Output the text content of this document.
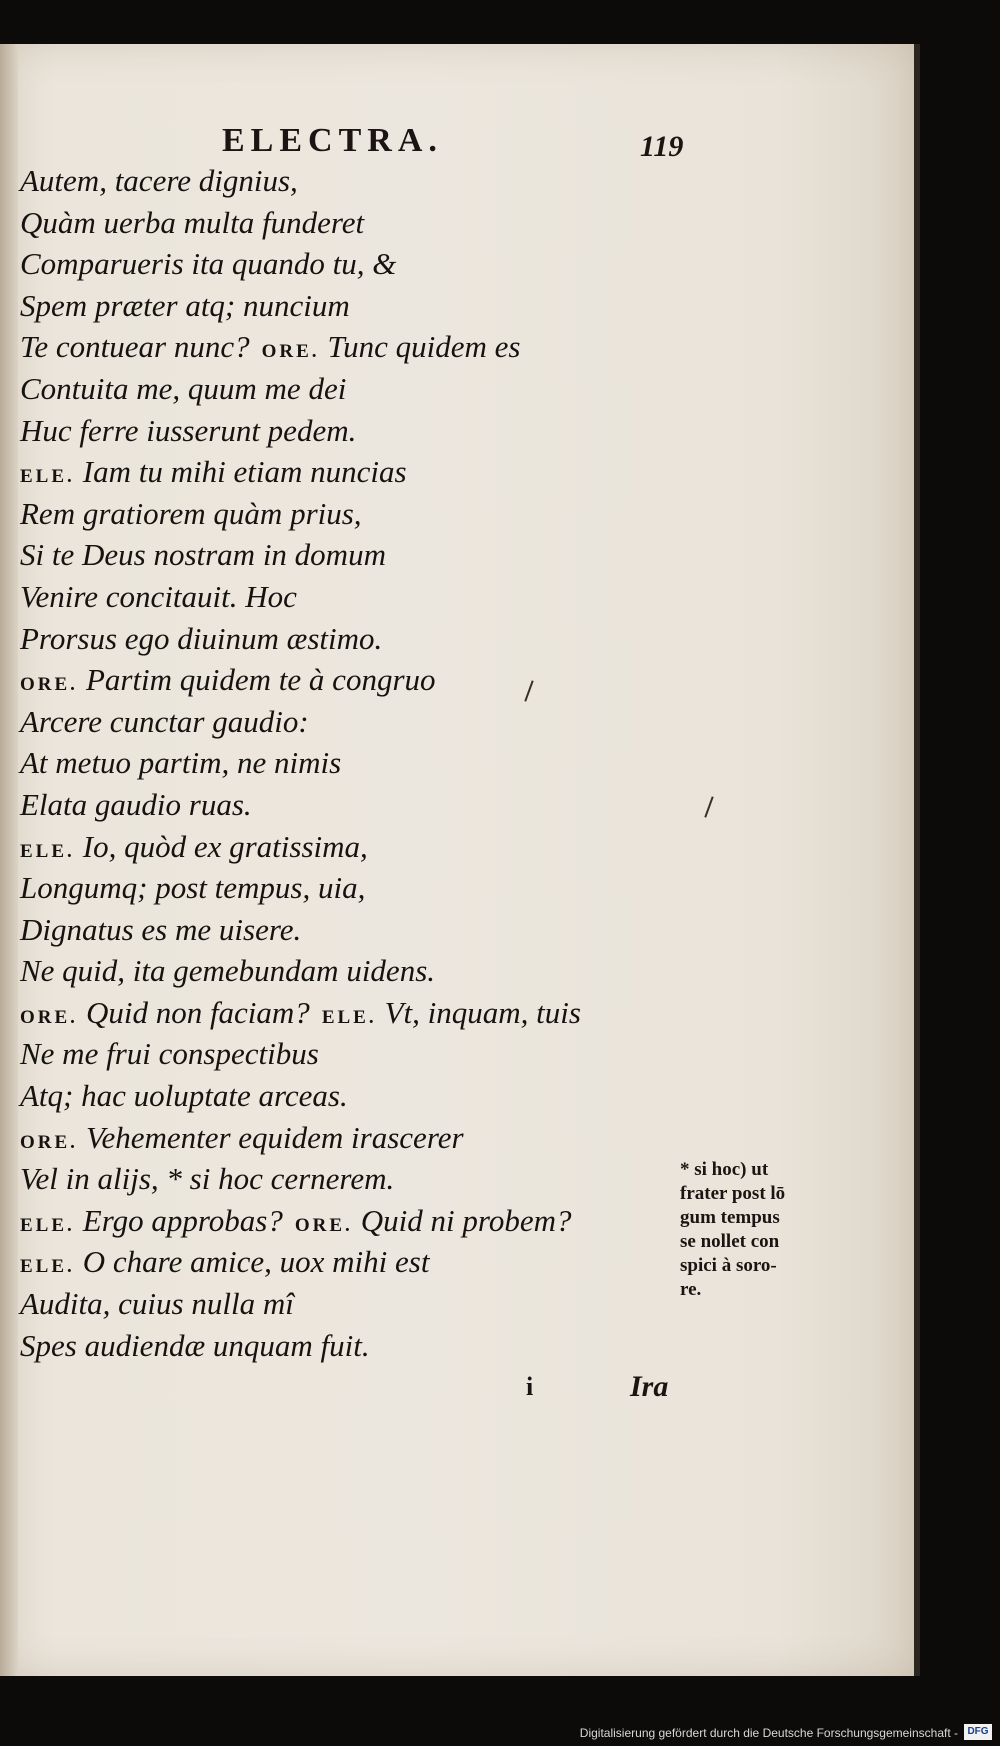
ELECTRA.	119
Autem, tacere dignius,
Quàm uerba multa funderet
Comparueris ita quando tu, &
Spem præter atq; nuncium
Te contuear nunc? ORE. Tunc quidem es
Contuita me, quum me dei
Huc ferre iusserunt pedem.
ELE. Iam tu mihi etiam nuncias
Rem gratiorem quàm prius,
Si te Deus nostram in domum
Venire concitauit. Hoc
Prorsus ego diuinum æstimo.
ORE. Partim quidem te à congruo
Arcere cunctar gaudio:
At metuo partim, ne nimis
Elata gaudio ruas.
ELE. Io, quòd ex gratissima,
Longumq; post tempus, uia,
Dignatus es me uisere.
Ne quid, ita gemebundam uidens.
ORE. Quid non faciam? ELE. Vt, inquam, tuis
Ne me frui conspectibus
Atq; hac uoluptate arceas.
ORE. Vehementer equidem irascerer
Vel in alijs, * si hoc cernerem.
ELE. Ergo approbas? ORE. Quid ni probem?
ELE. O chare amice, uox mihi est
Audita, cuius nulla mî
Spes audiendæ unquam fuit.
* si hoc) ut
frater post lō
gum tempus
se nollet con
spici à soro-
re.
i	Ira
Digitalisierung gefördert durch die Deutsche Forschungsgemeinschaft - DFG
